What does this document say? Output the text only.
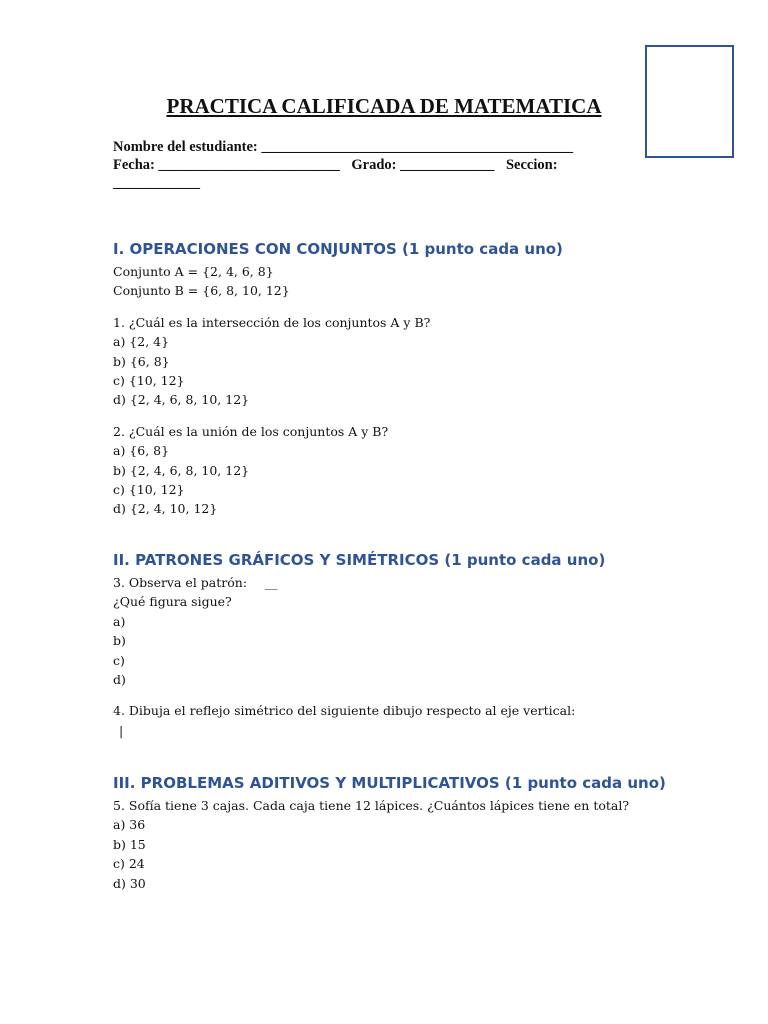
PRACTICA CALIFICADA DE MATEMATICA
Nombre del estudiante: ___________________________________________
Fecha: _________________________ Grado: _____________ Seccion:
____________
I. OPERACIONES CON CONJUNTOS (1 punto cada uno)
Conjunto A = {2, 4, 6, 8}
Conjunto B = {6, 8, 10, 12}
1. ¿Cuál es la intersección de los conjuntos A y B?
a) {2, 4}
b) {6, 8}
c) {10, 12}
d) {2, 4, 6, 8, 10, 12}
2. ¿Cuál es la unión de los conjuntos A y B?
a) {6, 8}
b) {2, 4, 6, 8, 10, 12}
c) {10, 12}
d) {2, 4, 10, 12}
II. PATRONES GRÁFICOS Y SIMÉTRICOS (1 punto cada uno)
3. Observa el patrón: __
¿Qué figura sigue?
a)
b)
c)
d)
4. Dibuja el reflejo simétrico del siguiente dibujo respecto al eje vertical:
|
III. PROBLEMAS ADITIVOS Y MULTIPLICATIVOS (1 punto cada uno)
5. Sofía tiene 3 cajas. Cada caja tiene 12 lápices. ¿Cuántos lápices tiene en total?
a) 36
b) 15
c) 24
d) 30
